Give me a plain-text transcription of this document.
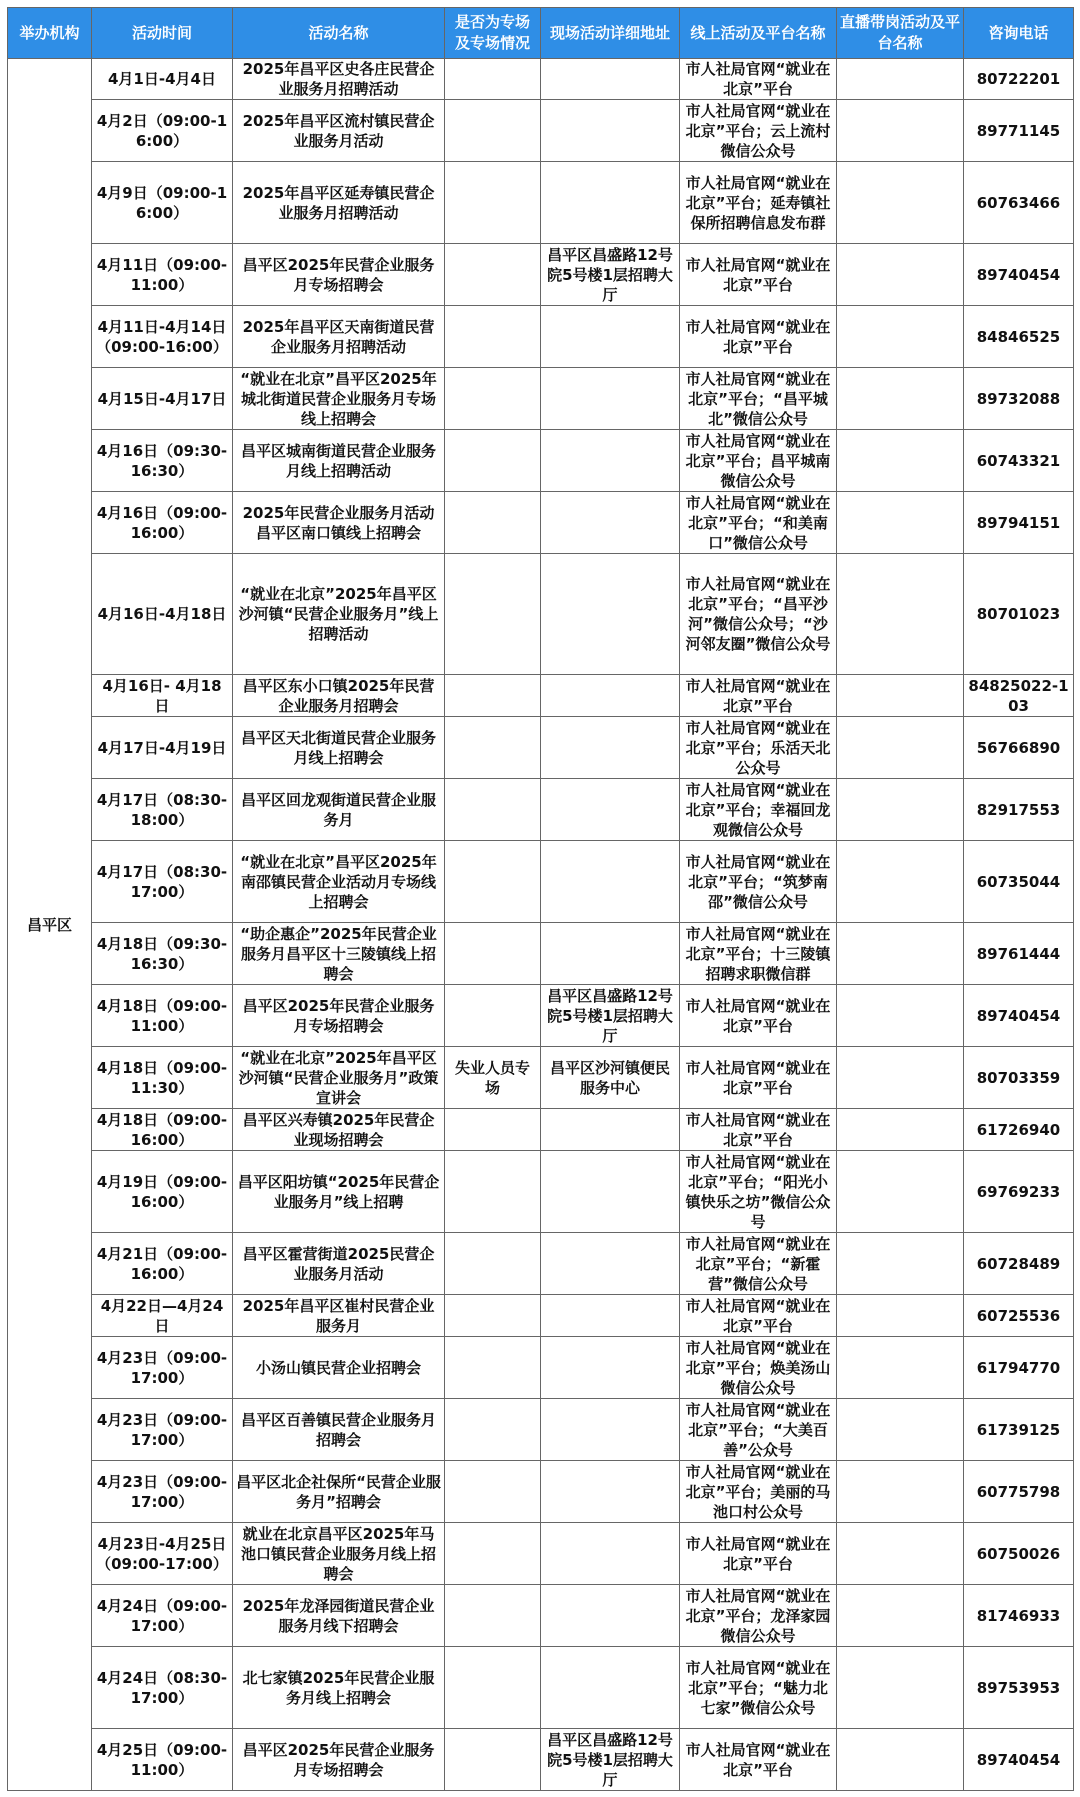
举办机构	活动时间	活动名称	是否为专场及专场情况	现场活动详细地址	线上活动及平台名称	直播带岗活动及平台名称	咨询电话
昌平区	4月1日-4月4日	2025年昌平区史各庄民营企业服务月招聘活动			市人社局官网“就业在北京”平台		80722201
	4月2日（09:00-16:00）	2025年昌平区流村镇民营企业服务月活动			市人社局官网“就业在北京”平台；云上流村微信公众号		89771145
	4月9日（09:00-16:00）	2025年昌平区延寿镇民营企业服务月招聘活动			市人社局官网“就业在北京”平台；延寿镇社保所招聘信息发布群		60763466
	4月11日（09:00-11:00）	昌平区2025年民营企业服务月专场招聘会		昌平区昌盛路12号院5号楼1层招聘大厅	市人社局官网“就业在北京”平台		89740454
	4月11日-4月14日（09:00-16:00）	2025年昌平区天南街道民营企业服务月招聘活动			市人社局官网“就业在北京”平台		84846525
	4月15日-4月17日	“就业在北京”昌平区2025年城北街道民营企业服务月专场线上招聘会			市人社局官网“就业在北京”平台；“昌平城北”微信公众号		89732088
	4月16日（09:30-16:30）	昌平区城南街道民营企业服务月线上招聘活动			市人社局官网“就业在北京”平台；昌平城南微信公众号		60743321
	4月16日（09:00-16:00）	2025年民营企业服务月活动昌平区南口镇线上招聘会			市人社局官网“就业在北京”平台；“和美南口”微信公众号		89794151
	4月16日-4月18日	“就业在北京”2025年昌平区沙河镇“民营企业服务月”线上招聘活动			市人社局官网“就业在北京”平台；“昌平沙河”微信公众号；“沙河邻友圈”微信公众号		80701023
	4月16日- 4月18日	昌平区东小口镇2025年民营企业服务月招聘会			市人社局官网“就业在北京”平台		84825022-103
	4月17日-4月19日	昌平区天北街道民营企业服务月线上招聘会			市人社局官网“就业在北京”平台；乐活天北公众号		56766890
	4月17日（08:30-18:00）	昌平区回龙观街道民营企业服务月			市人社局官网“就业在北京”平台；幸福回龙观微信公众号		82917553
	4月17日（08:30-17:00）	“就业在北京”昌平区2025年南邵镇民营企业活动月专场线上招聘会			市人社局官网“就业在北京”平台；“筑梦南邵”微信公众号		60735044
	4月18日（09:30-16:30）	“助企惠企”2025年民营企业服务月昌平区十三陵镇线上招聘会			市人社局官网“就业在北京”平台；十三陵镇招聘求职微信群		89761444
	4月18日（09:00-11:00）	昌平区2025年民营企业服务月专场招聘会		昌平区昌盛路12号院5号楼1层招聘大厅	市人社局官网“就业在北京”平台		89740454
	4月18日（09:00-11:30）	“就业在北京”2025年昌平区沙河镇“民营企业服务月”政策宣讲会	失业人员专场	昌平区沙河镇便民服务中心	市人社局官网“就业在北京”平台		80703359
	4月18日（09:00-16:00）	昌平区兴寿镇2025年民营企业现场招聘会			市人社局官网“就业在北京”平台		61726940
	4月19日（09:00-16:00）	昌平区阳坊镇“2025年民营企业服务月”线上招聘			市人社局官网“就业在北京”平台；“阳光小镇快乐之坊”微信公众号		69769233
	4月21日（09:00-16:00）	昌平区霍营街道2025民营企业服务月活动			市人社局官网“就业在北京”平台；“新霍营”微信公众号		60728489
	4月22日—4月24日	2025年昌平区崔村民营企业服务月			市人社局官网“就业在北京”平台		60725536
	4月23日（09:00-17:00）	小汤山镇民营企业招聘会			市人社局官网“就业在北京”平台；焕美汤山微信公众号		61794770
	4月23日（09:00-17:00）	昌平区百善镇民营企业服务月招聘会			市人社局官网“就业在北京”平台；“大美百善”公众号		61739125
	4月23日（09:00-17:00）	昌平区北企社保所“民营企业服务月”招聘会			市人社局官网“就业在北京”平台；美丽的马池口村公众号		60775798
	4月23日-4月25日（09:00-17:00）	就业在北京昌平区2025年马池口镇民营企业服务月线上招聘会			市人社局官网“就业在北京”平台		60750026
	4月24日（09:00-17:00）	2025年龙泽园街道民营企业服务月线下招聘会			市人社局官网“就业在北京”平台；龙泽家园微信公众号		81746933
	4月24日（08:30-17:00）	北七家镇2025年民营企业服务月线上招聘会			市人社局官网“就业在北京”平台；“魅力北七家”微信公众号		89753953
	4月25日（09:00-11:00）	昌平区2025年民营企业服务月专场招聘会		昌平区昌盛路12号院5号楼1层招聘大厅	市人社局官网“就业在北京”平台		89740454
